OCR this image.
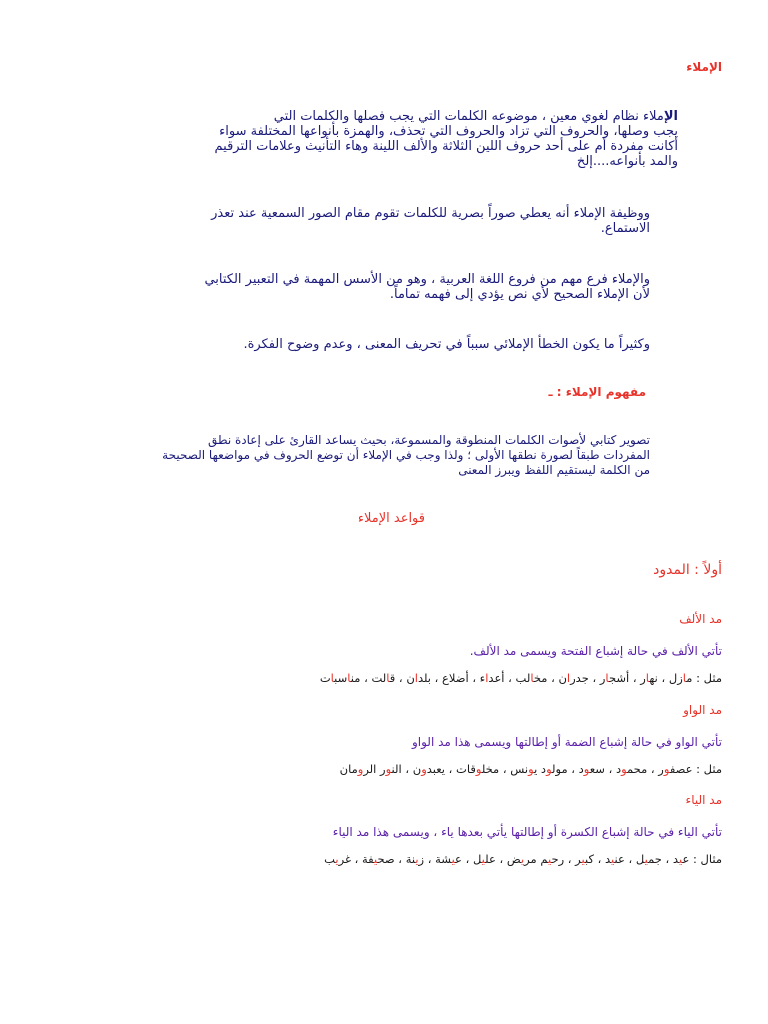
الإملاء
الإملاء نظام لغوي معين ، موضوعه الكلمات التي يجب فصلها والكلمات التي
يجب وصلها، والحروف التي تزاد والحروف التي تحذف، والهمزة بأنواعها المختلفة سواء
أكانت مفردة أم على أحد حروف اللين الثلاثة والألف اللينة وهاء التأنيث وعلامات الترقيم
والمد بأنواعه....إلخ
ووظيفة الإملاء أنه يعطي صوراً بصرية للكلمات تقوم مقام الصور السمعية عند تعذر
الاستماع.
والإملاء فرع مهم من فروع اللغة العربية ، وهو من الأسس المهمة في التعبير الكتابي
لأن الإملاء الصحيح لأي نص يؤدي إلى فهمه تماماً.
وكثيراً ما يكون الخطأ الإملائي سبباً في تحريف المعنى ، وعدم وضوح الفكرة.
مفهوم الإملاء : ـ
تصوير كتابي لأصوات الكلمات المنطوقة والمسموعة، بحيث يساعد القارئ على إعادة نطق
المفردات طبقاً لصورة نطقها الأولى ؛ ولذا وجب في الإملاء أن توضع الحروف في مواضعها الصحيحة
من الكلمة ليستقيم اللفظ ويبرز المعنى
قواعد الإملاء
أولاً : المدود
مد الألف
تأتي الألف في حالة إشباع الفتحة ويسمى مد الألف.
مثل : مازل ، نهار ، أشجار ، جدران ، مخالب ، أعداء ، أضلع ، بلدان ، قالت ، مناسبات
مد الواو
تأتي الواو في حالة إشباع الضمة أو إطالتها ويسمى هذا مد الواو
مثل : عصفور ، محمود ، سعود ، مولود يونس ، مخلوقات ، يعبدون ، النور الرومان
مد الياء
تأتي الياء في حالة إشباع الكسرة أو إطالتها يأتي بعدها ياء ، ويسمى هذا مد الياء
مثال : عيد ، جميل ، عنيد ، كبير ، رحيم مريض ، عليل ، عيشة ، زينة ، صحيفة ، غريب
